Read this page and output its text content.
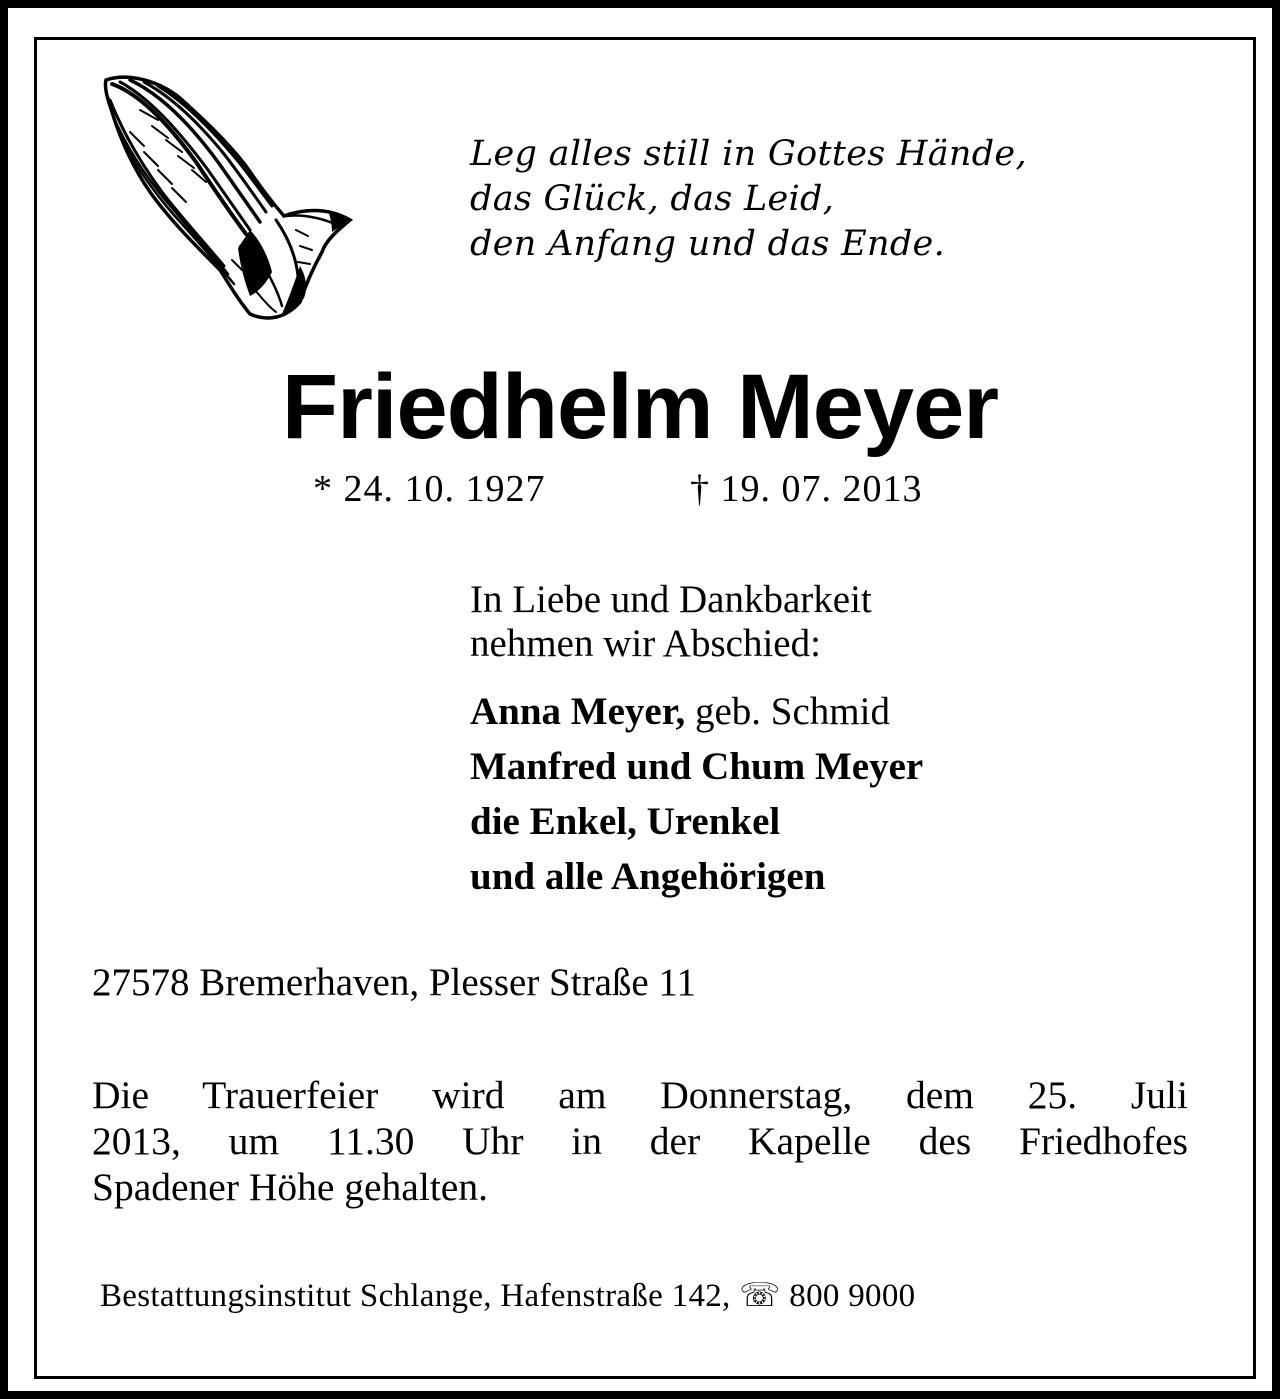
Leg alles still in Gottes Hände,
das Glück, das Leid,
den Anfang und das Ende.
Friedhelm Meyer
* 24. 10. 1927	† 19. 07. 2013
In Liebe und Dankbarkeit
nehmen wir Abschied:
Anna Meyer, geb. Schmid
Manfred und Chum Meyer
die Enkel, Urenkel
und alle Angehörigen
27578 Bremerhaven, Plesser Straße 11
Die Trauerfeier wird am Donnerstag, dem 25. Juli
2013, um 11.30 Uhr in der Kapelle des Friedhofes
Spadener Höhe gehalten.
Bestattungsinstitut Schlange, Hafenstraße 142, ☏ 800 9000
